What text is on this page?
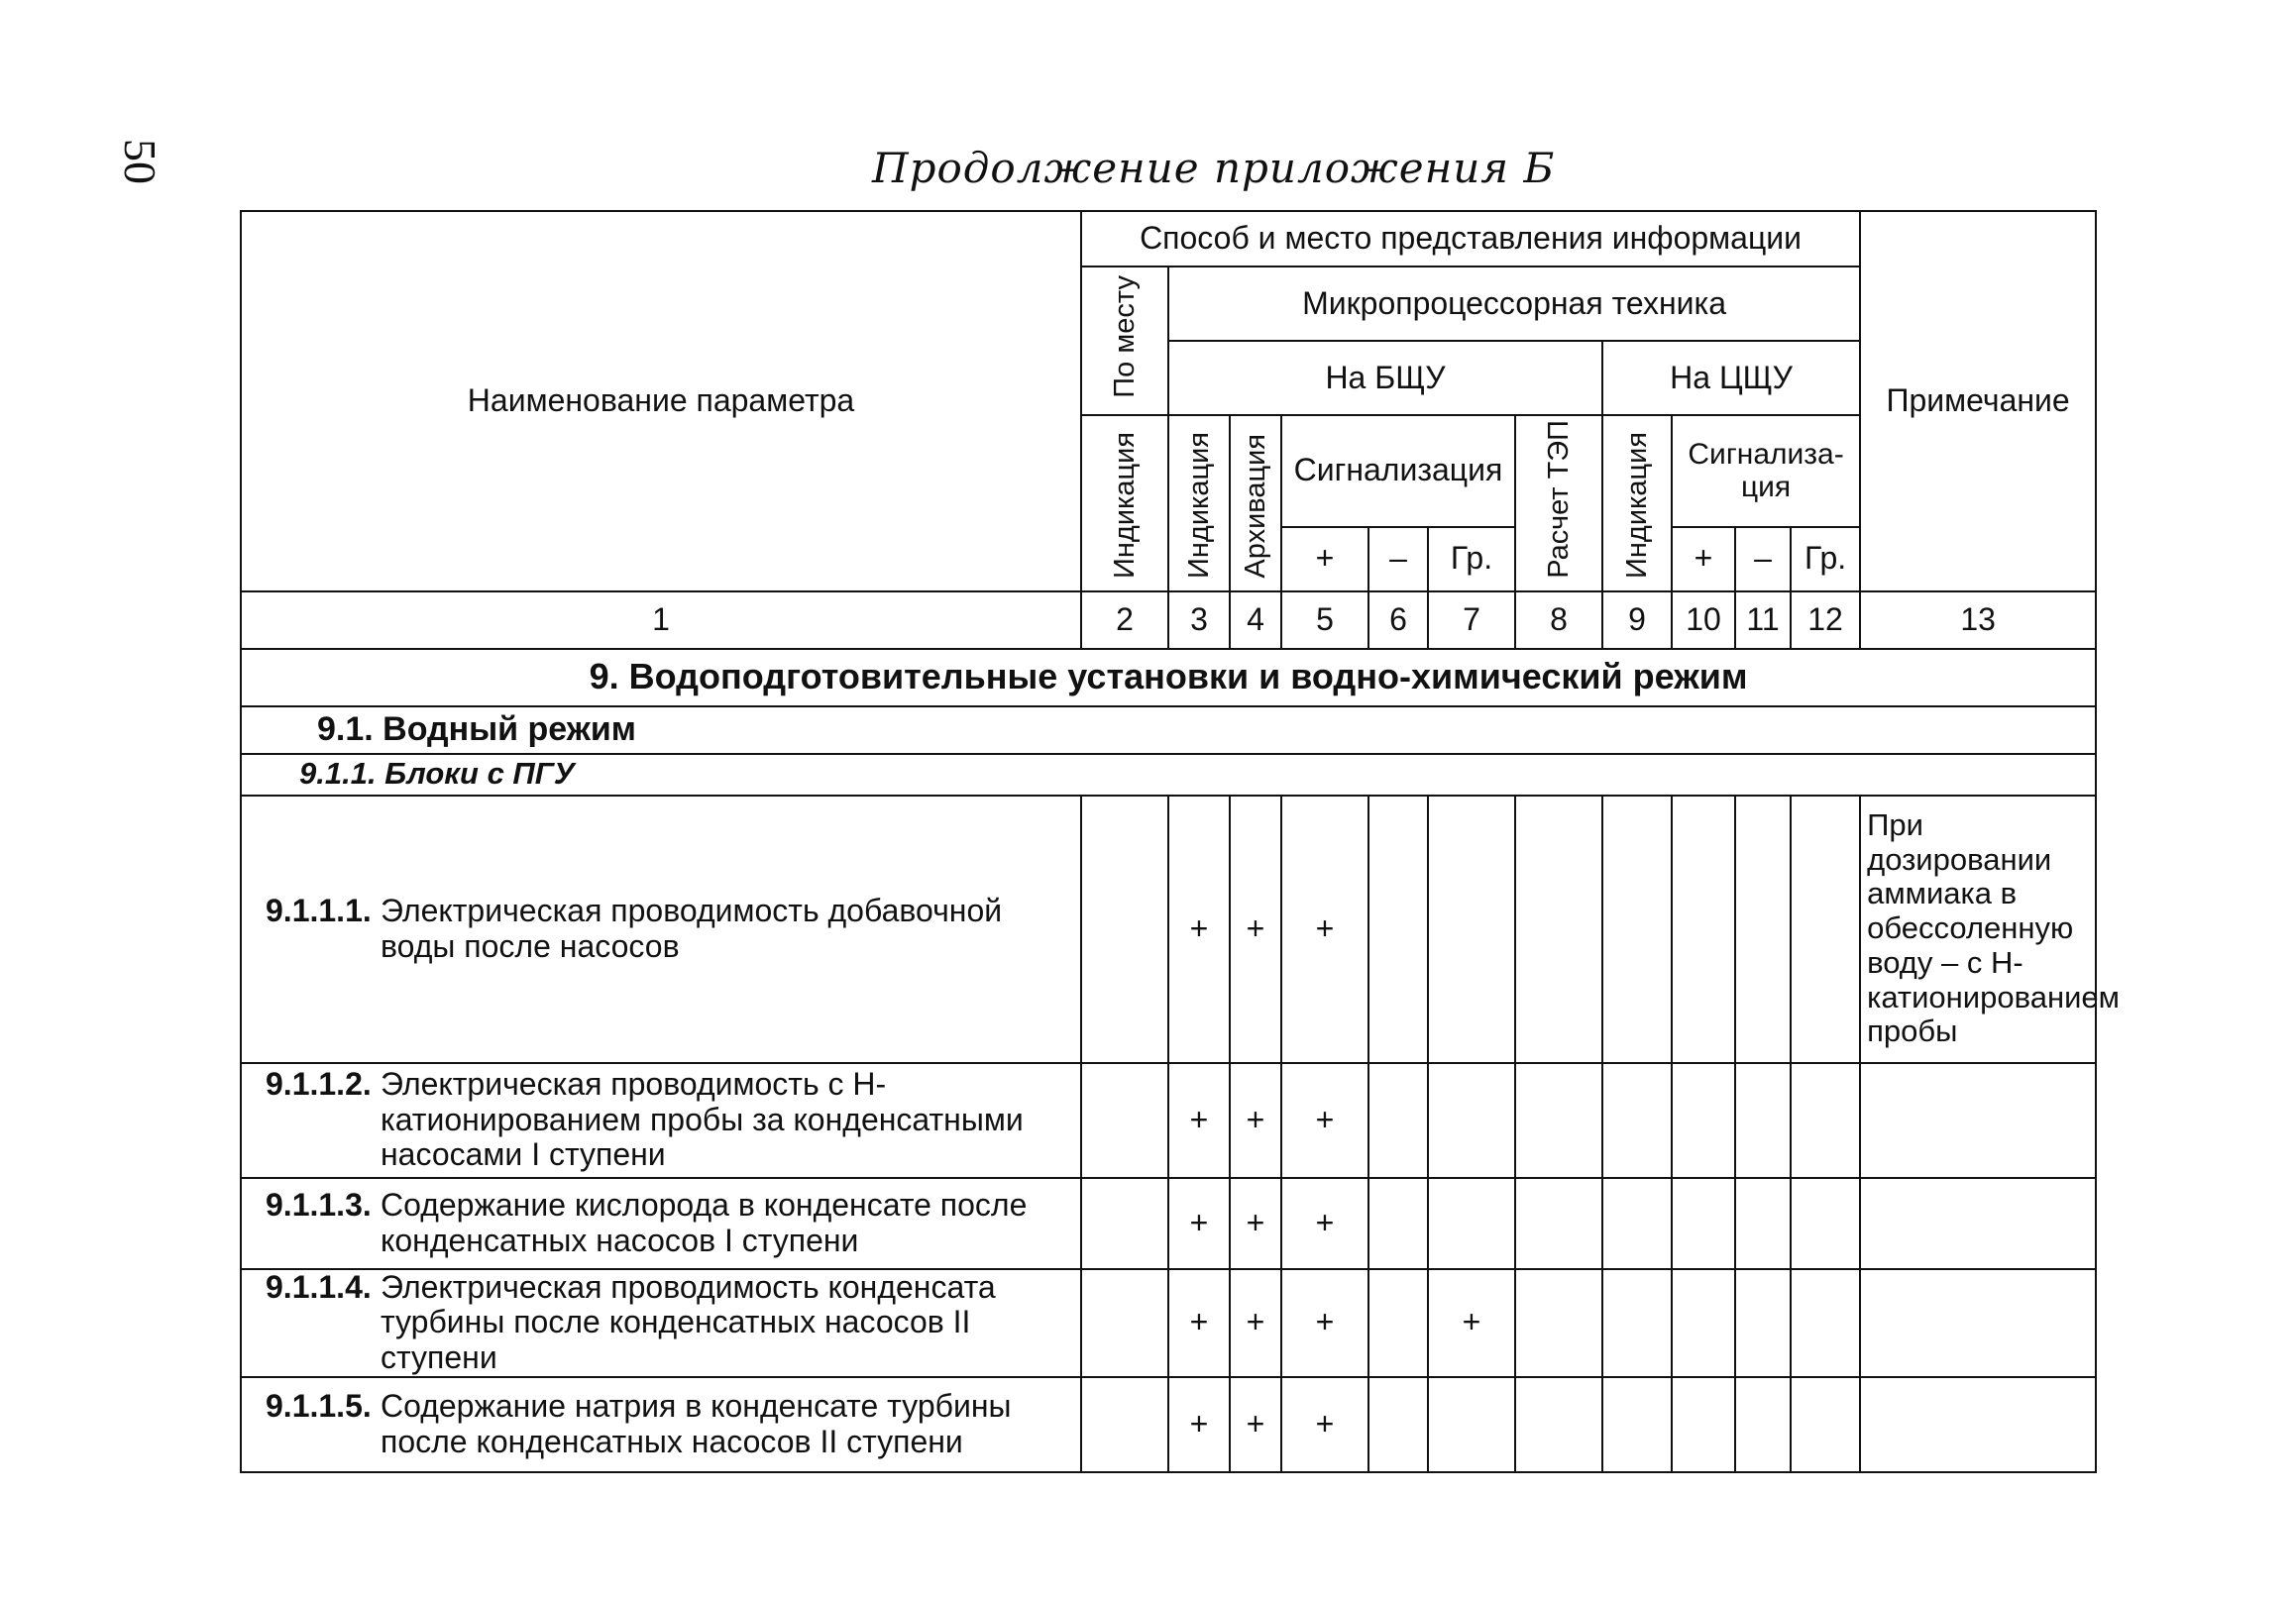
50	Продолжение приложения Б
Наименование параметра	Способ и место представления информации											Примечание
	По месту	Микропроцессорная техника										
		На БЩУ						На ЦЩУ				
	Индикация	Индикация	Архивация	Сигнализация			Расчет ТЭП	Индикация	Сигнализа-ция			
				+	–	Гр.			+	–	Гр.	
1	2	3	4	5	6	7	8	9	10	11	12	13
9. Водоподготовительные установки и водно-химический режим												
9.1. Водный режим												
9.1.1. Блоки с ПГУ												
9.1.1.1. Электрическая проводимость добавочной воды после насосов		+	+	+								При дозировании аммиака в обессоленную воду – с Н-катионированием пробы
9.1.1.2. Электрическая проводимость с Н-катионированием пробы за конденсатными насосами I ступени		+	+	+								
9.1.1.3. Содержание кислорода в конденсате после конденсатных насосов I ступени		+	+	+								
9.1.1.4. Электрическая проводимость конденсата турбины после конденсатных насосов II ступени		+	+	+		+						
9.1.1.5. Содержание натрия в конденсате турбины после конденсатных насосов II ступени		+	+	+								
